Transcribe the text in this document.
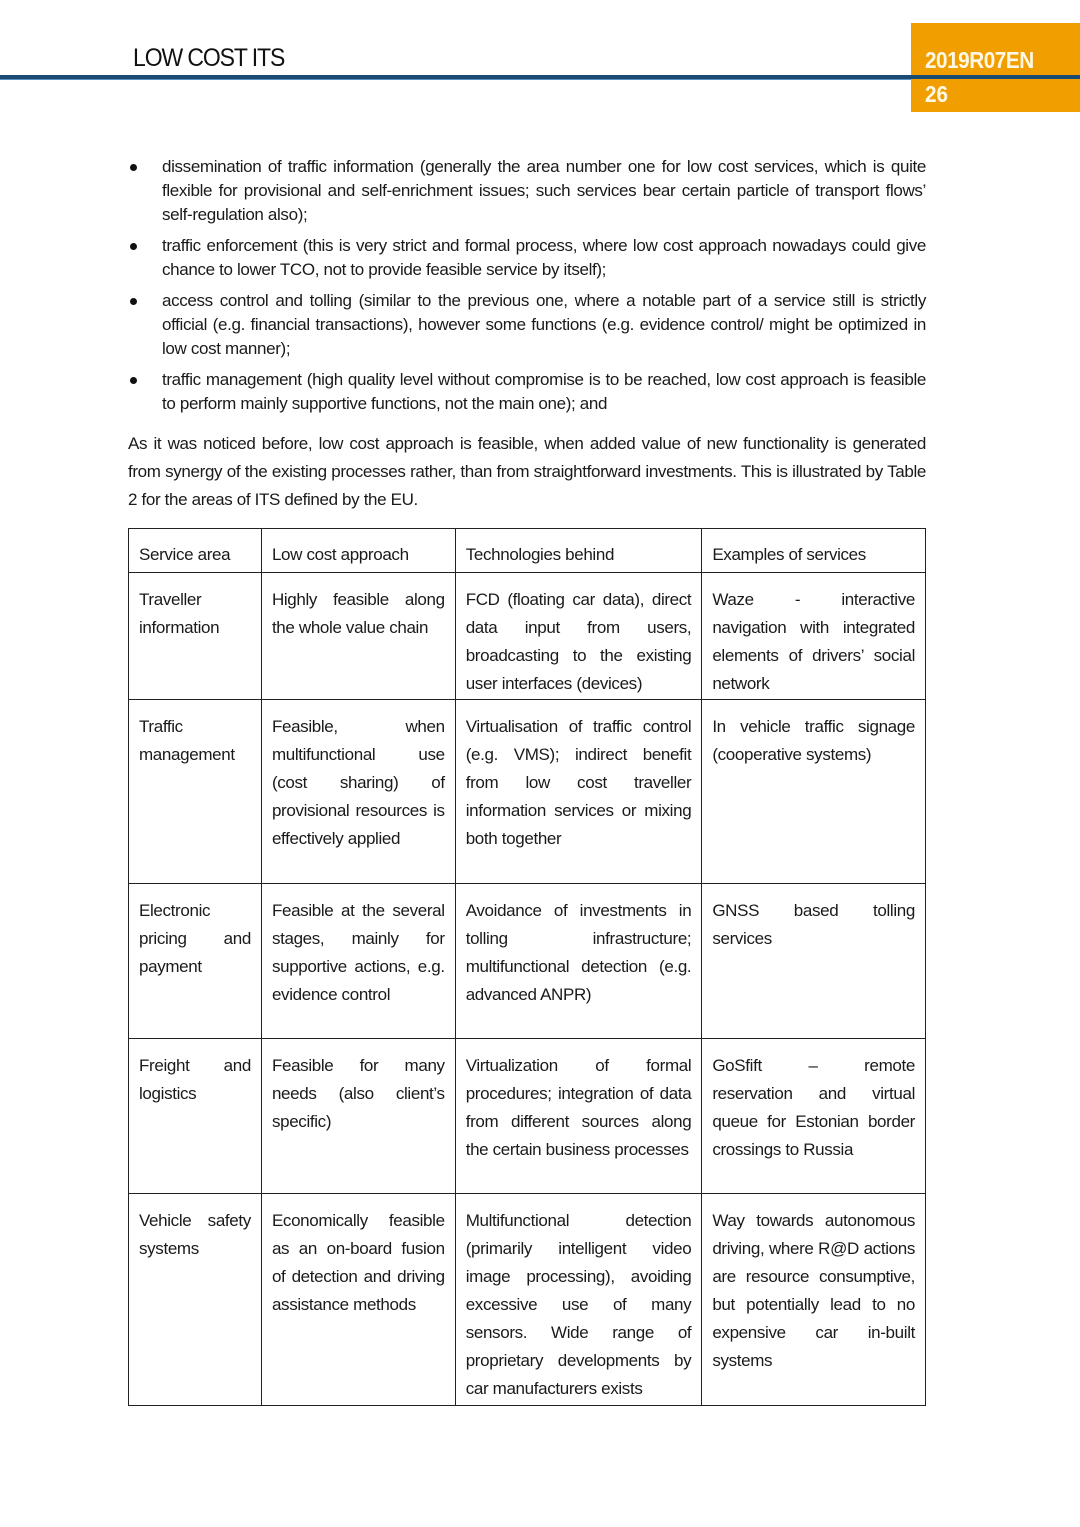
LOW COST ITS	2019R07EN
26
dissemination of traffic information (generally the area number one for low cost services, which is quite flexible for provisional and self-enrichment issues; such services bear certain particle of transport flows’ self-regulation also);
traffic enforcement (this is very strict and formal process, where low cost approach nowadays could give chance to lower TCO, not to provide feasible service by itself);
access control and tolling (similar to the previous one, where a notable part of a service still is strictly official (e.g. financial transactions), however some functions (e.g. evidence control/ might be optimized in low cost manner);
traffic management (high quality level without compromise is to be reached, low cost approach is feasible to perform mainly supportive functions, not the main one); and

As it was noticed before, low cost approach is feasible, when added value of new functionality is generated from synergy of the existing processes rather, than from straightforward investments. This is illustrated by Table 2 for the areas of ITS defined by the EU.

Service area	Low cost approach	Technologies behind	Examples of services
Traveller information	Highly feasible along the whole value chain	FCD (floating car data), direct data input from users, broadcasting to the existing user interfaces (devices)	Waze - interactive navigation with integrated elements of drivers’ social network
Traffic management	Feasible, when multifunctional use (cost sharing) of provisional resources is effectively applied	Virtualisation of traffic control (e.g. VMS); indirect benefit from low cost traveller information services or mixing both together	In vehicle traffic signage (cooperative systems)
Electronic pricing and payment	Feasible at the several stages, mainly for supportive actions, e.g. evidence control	Avoidance of investments in tolling infrastructure; multifunctional detection (e.g. advanced ANPR)	GNSS based tolling services
Freight and logistics	Feasible for many needs (also client’s specific)	Virtualization of formal procedures; integration of data from different sources along the certain business processes	GoSfift – remote reservation and virtual queue for Estonian border crossings to Russia
Vehicle safety systems	Economically feasible as an on-board fusion of detection and driving assistance methods	Multifunctional detection (primarily intelligent video image processing), avoiding excessive use of many sensors. Wide range of proprietary developments by car manufacturers exists	Way towards autonomous driving, where R@D actions are resource consumptive, but potentially lead to no expensive car in-built systems
